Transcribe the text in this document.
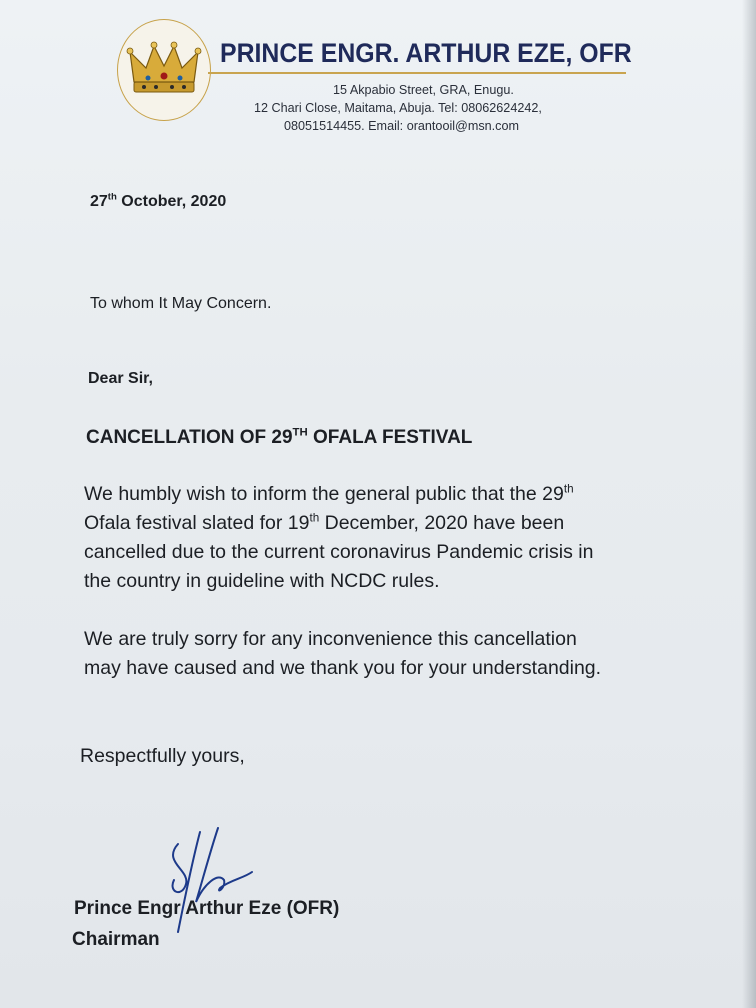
PRINCE ENGR. ARTHUR EZE, OFR
15 Akpabio Street, GRA, Enugu.
12 Chari Close, Maitama, Abuja. Tel: 08062624242,
08051514455. Email: orantooil@msn.com
27th October, 2020
To whom It May Concern.
Dear Sir,
CANCELLATION OF 29TH OFALA FESTIVAL
We humbly wish to inform the general public that the 29th
Ofala festival slated for 19th December, 2020 have been
cancelled due to the current coronavirus Pandemic crisis in
the country in guideline with NCDC rules.
We are truly sorry for any inconvenience this cancellation
may have caused and we thank you for your understanding.
Respectfully yours,
Prince Engr Arthur Eze (OFR)
Chairman
